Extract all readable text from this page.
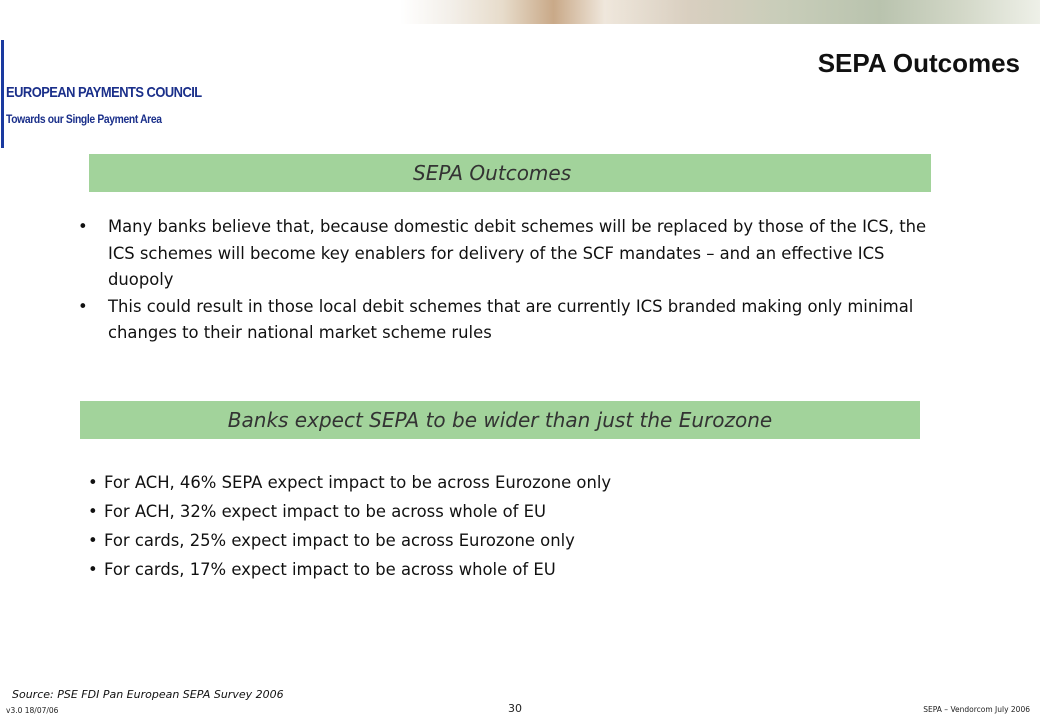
EUROPEAN PAYMENTS COUNCIL
Towards our Single Payment Area
SEPA Outcomes
SEPA Outcomes
• Many banks believe that, because domestic debit schemes will be replaced by those of the ICS, the ICS schemes will become key enablers for delivery of the SCF mandates – and an effective ICS duopoly
• This could result in those local debit schemes that are currently ICS branded making only minimal changes to their national market scheme rules
Banks expect SEPA to be wider than just the Eurozone
• For ACH, 46% SEPA expect impact to be across Eurozone only
• For ACH, 32% expect impact to be across whole of EU
• For cards, 25% expect impact to be across Eurozone only
• For cards, 17% expect impact to be across whole of EU
Source: PSE FDI Pan European SEPA Survey 2006
v3.0 18/07/06	30	SEPA – Vendorcom July 2006
